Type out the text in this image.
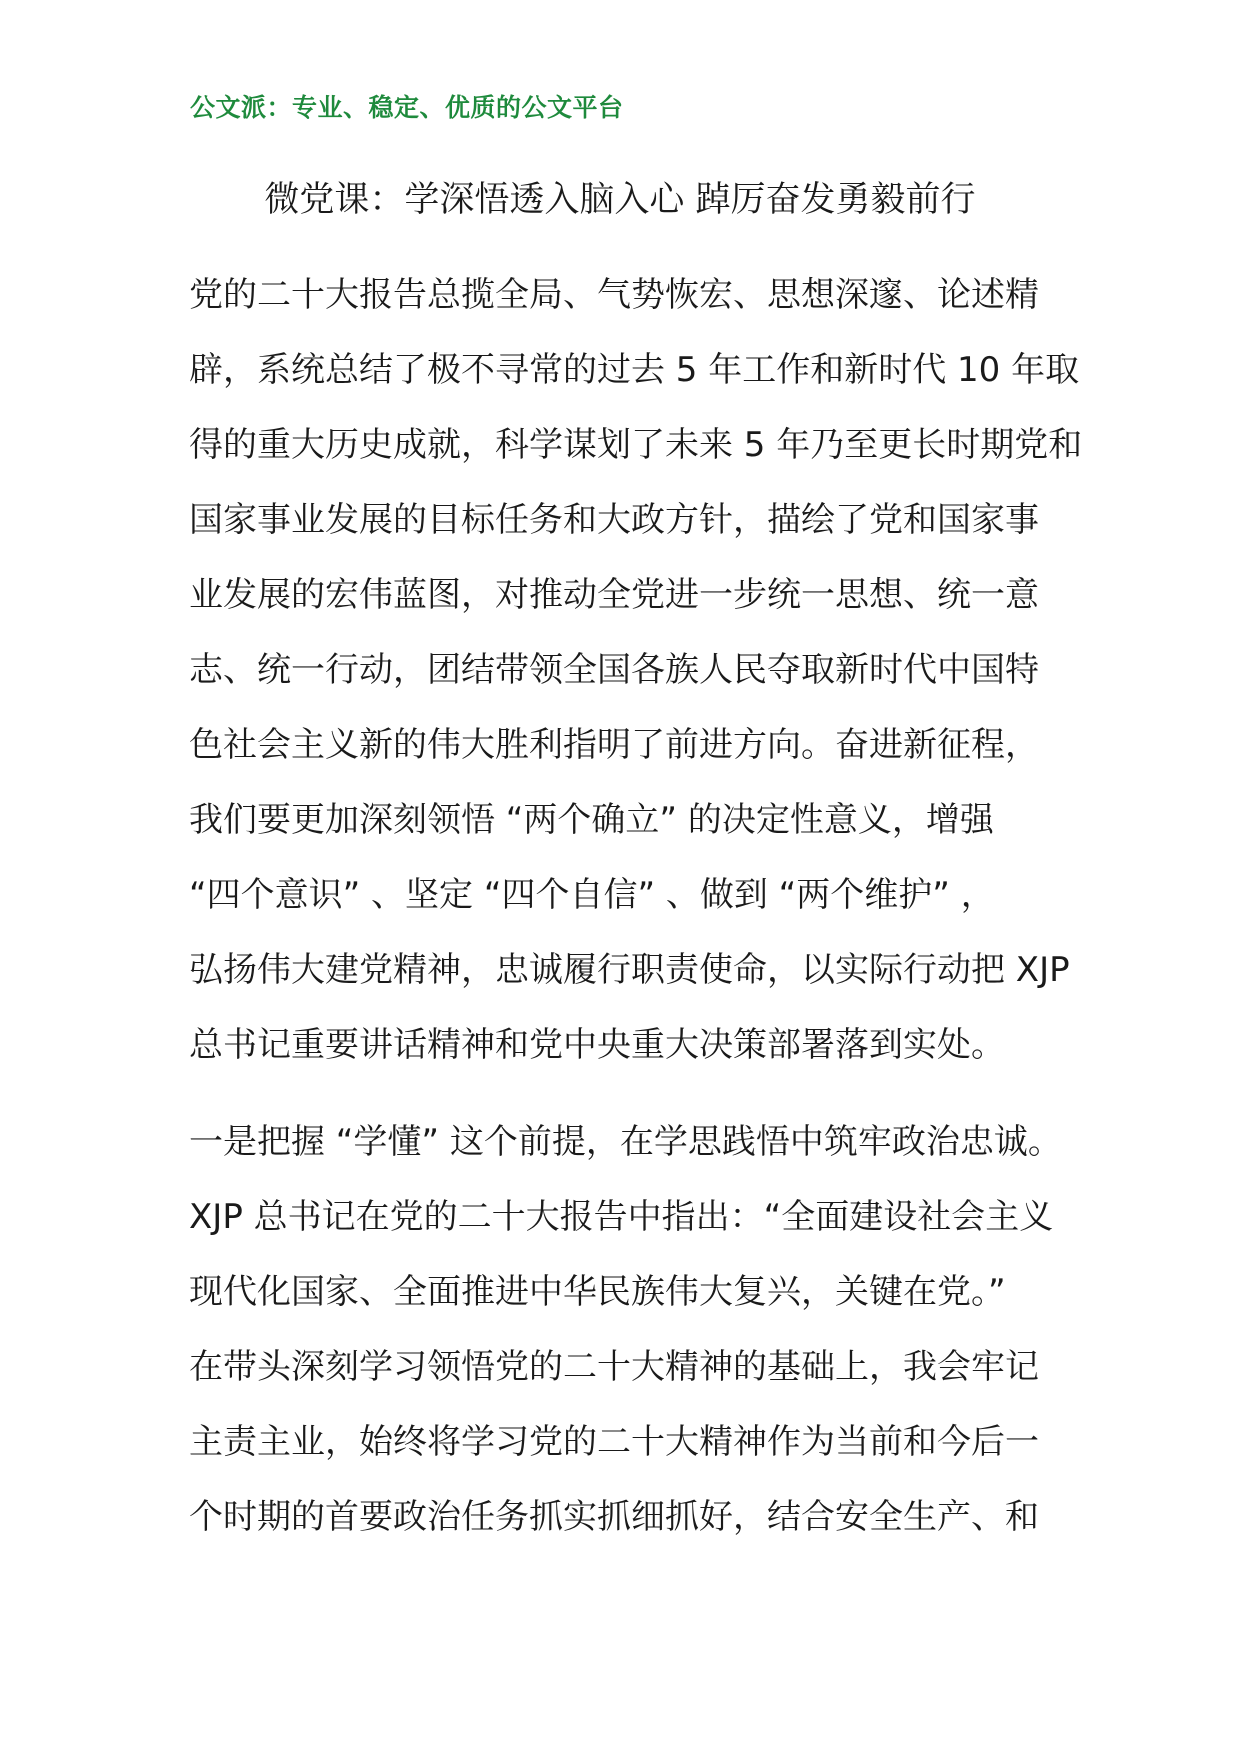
公文派：专业、稳定、优质的公文平台
微党课：学深悟透入脑入心 踔厉奋发勇毅前行
党的二十大报告总揽全局、气势恢宏、思想深邃、论述精
辟，系统总结了极不寻常的过去 5 年工作和新时代 10 年取
得的重大历史成就，科学谋划了未来 5 年乃至更长时期党和
国家事业发展的目标任务和大政方针，描绘了党和国家事
业发展的宏伟蓝图，对推动全党进一步统一思想、统一意
志、统一行动，团结带领全国各族人民夺取新时代中国特
色社会主义新的伟大胜利指明了前进方向。奋进新征程，
我们要更加深刻领悟 “两个确立” 的决定性意义，增强
“四个意识” 、坚定 “四个自信” 、做到 “两个维护” ，
弘扬伟大建党精神，忠诚履行职责使命，以实际行动把 XJP
总书记重要讲话精神和党中央重大决策部署落到实处。
一是把握 “学懂” 这个前提，在学思践悟中筑牢政治忠诚。
XJP 总书记在党的二十大报告中指出：“全面建设社会主义
现代化国家、全面推进中华民族伟大复兴，关键在党。”
在带头深刻学习领悟党的二十大精神的基础上，我会牢记
主责主业，始终将学习党的二十大精神作为当前和今后一
个时期的首要政治任务抓实抓细抓好，结合安全生产、和
